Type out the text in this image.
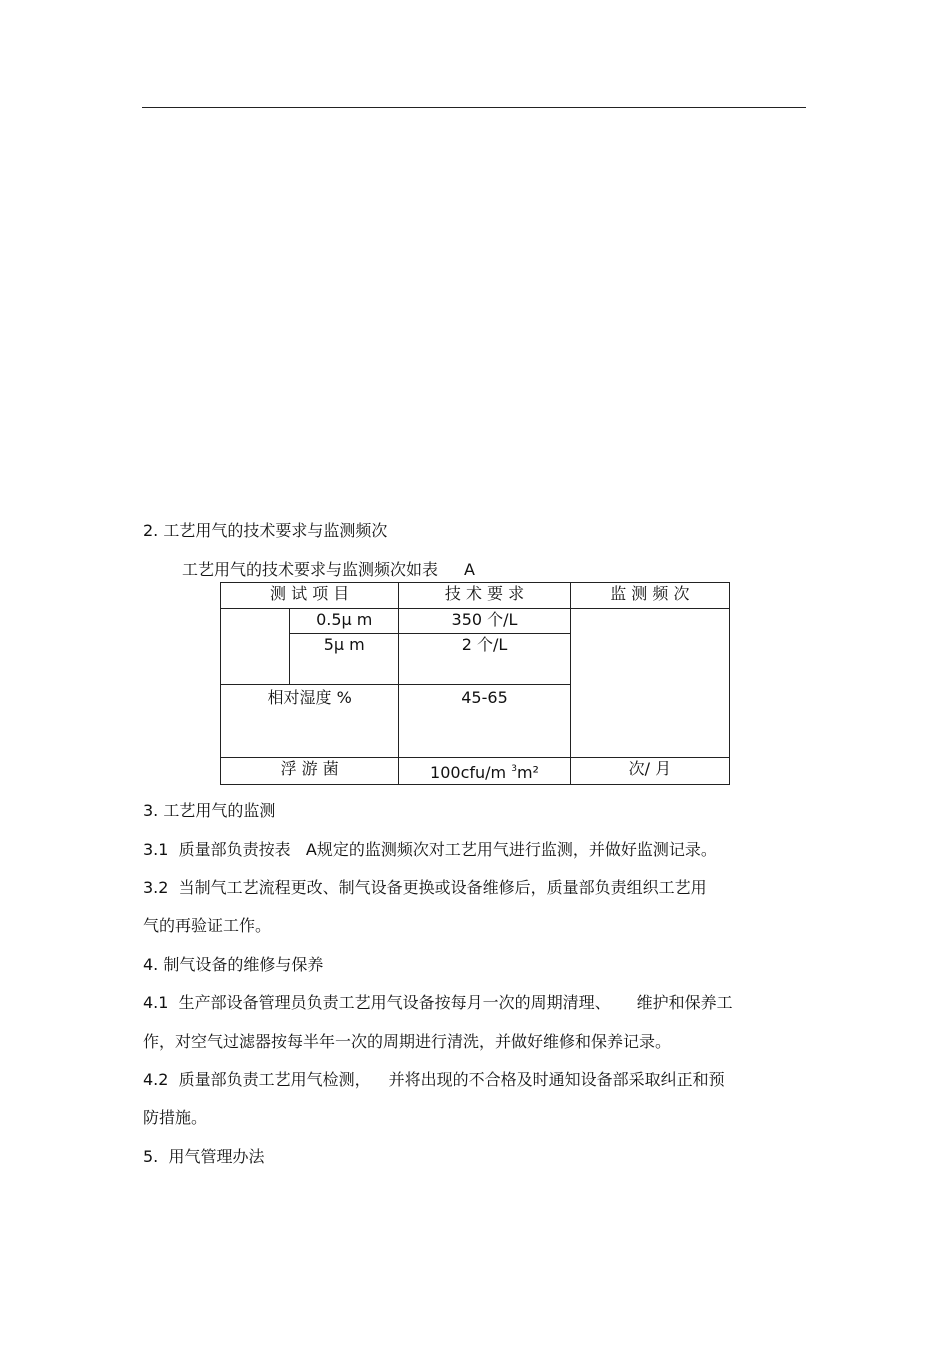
2. 工艺用气的技术要求与监测频次
工艺用气的技术要求与监测频次如表 A
测 试 项 目		技 术 要 求	监 测 频 次
	0.5μ m	350 个/L	
	5μ m	2 个/L	
相对湿度 %		45-65	
浮 游 菌		100cfu/m $^3$m²	次/ 月
3. 工艺用气的监测
3.1  质量部负责按表   A规定的监测频次对工艺用气进行监测，并做好监测记录。
3.2  当制气工艺流程更改、制气设备更换或设备维修后，质量部负责组织工艺用
气的再验证工作。
4. 制气设备的维修与保养
4.1  生产部设备管理员负责工艺用气设备按每月一次的周期清理、 维护和保养工
作，对空气过滤器按每半年一次的周期进行清洗，并做好维修和保养记录。
4.2  质量部负责工艺用气检测， 并将出现的不合格及时通知设备部采取纠正和预
防措施。
5.  用气管理办法
